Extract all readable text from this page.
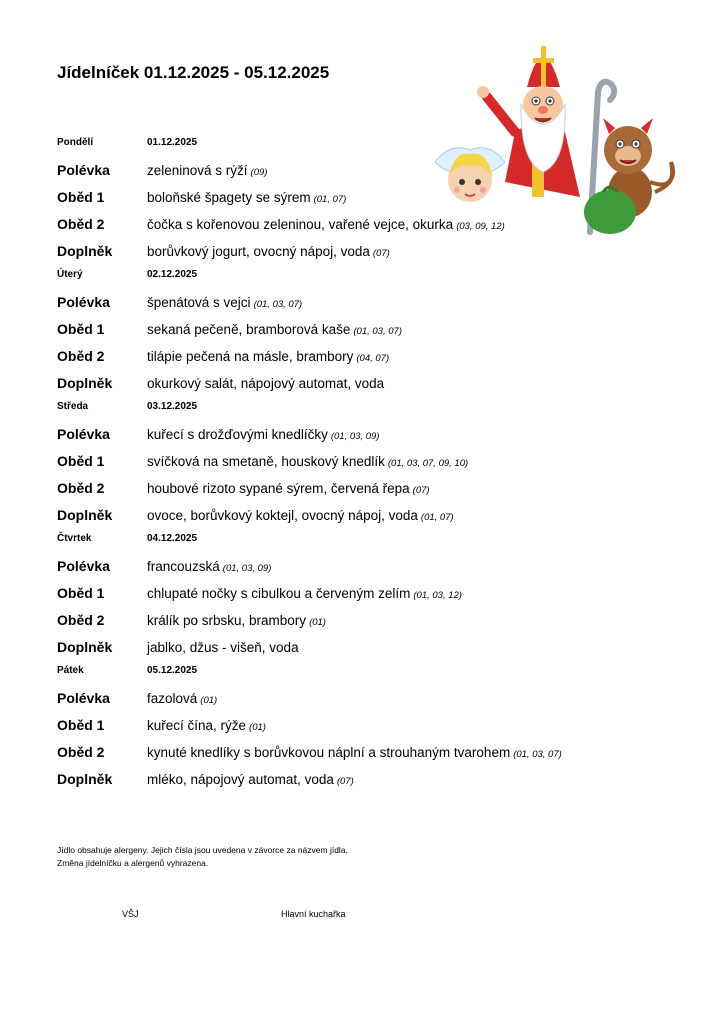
Jídelníček 01.12.2025 - 05.12.2025
Pondělí	01.12.2025
Polévka	zeleninová s rýží (09)
Oběd 1	boloňské špagety se sýrem (01, 07)
Oběd 2	čočka s kořenovou zeleninou, vařené vejce, okurka (03, 09, 12)
Doplněk	borůvkový jogurt, ovocný nápoj, voda (07)
Úterý	02.12.2025
Polévka	špenátová s vejci (01, 03, 07)
Oběd 1	sekaná pečeně, bramborová kaše (01, 03, 07)
Oběd 2	tilápie pečená na másle, brambory (04, 07)
Doplněk	okurkový salát, nápojový automat, voda
Středa	03.12.2025
Polévka	kuřecí s drožďovými knedlíčky (01, 03, 09)
Oběd 1	svíčková na smetaně, houskový knedlík (01, 03, 07, 09, 10)
Oběd 2	houbové rizoto sypané sýrem, červená řepa (07)
Doplněk	ovoce, borůvkový koktejl, ovocný nápoj, voda (01, 07)
Čtvrtek	04.12.2025
Polévka	francouzská (01, 03, 09)
Oběd 1	chlupaté nočky s cibulkou a červeným zelím (01, 03, 12)
Oběd 2	králík po srbsku, brambory (01)
Doplněk	jablko, džus - višeň, voda
Pátek	05.12.2025
Polévka	fazolová (01)
Oběd 1	kuřecí čína, rýže (01)
Oběd 2	kynuté knedlíky s borůvkovou náplní a strouhaným tvarohem (01, 03, 07)
Doplněk	mléko, nápojový automat, voda (07)
Jídlo obsahuje alergeny. Jejich čísla jsou uvedena v závorce za názvem jídla.
Změna jídelníčku a alergenů vyhrazena.
VŠJ	Hlavní kuchařka
